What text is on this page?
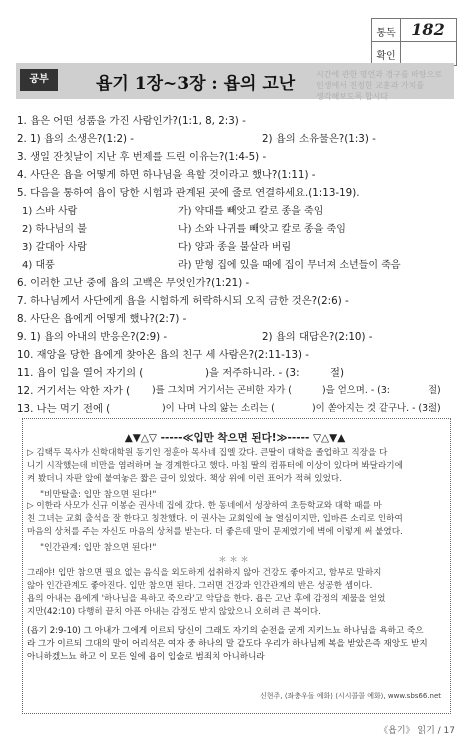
통독 182
확인
공부	욥기 1장~3장 : 욥의 고난	시간에 관한 명언과 경구를 바탕으로
인생에서 진정한 교훈과 가치를
생각해보도록 합시다
1. 욥은 어떤 성품을 가진 사람인가?(1:1, 8, 2:3) -
2. 1) 욥의 소생은?(1:2) -	2) 욥의 소유물은?(1:3) -
3. 생일 잔칫날이 지난 후 번제를 드린 이유는?(1:4-5) -
4. 사단은 욥을 어떻게 하면 하나님을 욕할 것이라고 했나?(1:11) -
5. 다음을 통하여 욥이 당한 시험과 관계된 곳에 줄로 연결하세요.(1:13-19).
1) 스바 사람	가) 약대를 빼앗고 칼로 종을 죽임
2) 하나님의 불	나) 소와 나귀를 빼앗고 칼로 종을 죽임
3) 갈대아 사람	다) 양과 종을 불살라 버림
4) 대풍	라) 맏형 집에 있을 때에 집이 무너져 소년들이 죽음
6. 이러한 고난 중에 욥의 고백은 무엇인가?(1:21) -
7. 하나님께서 사단에게 욥을 시험하게 허락하시되 오직 금한 것은?(2:6) -
8. 사단은 욥에게 어떻게 했나?(2:7) -
9. 1) 욥의 아내의 반응은?(2:9) -	2) 욥의 대답은?(2:10) -
10. 재앙을 당한 욥에게 찾아온 욥의 친구 세 사람은?(2:11-13) -
11. 욥이 입을 열어 자기의 (	)을 저주하니라. - (3:	절)
12. 거기서는 악한 자가 ( )를 그치며 거기서는 곤비한 자가 (	)을 얻으며. - (3:	절)
13. 나는 먹기 전에 (	)이 나며 나의 앓는 소리는 (	)이 쏟아지는 것 같구나. - (3:
절)
▲▼△▽ -----≪입만 착으면 된다!≫----- ▽△▼▲
▷ 김택두 목사가 신학대학원 동기인 정훈아 목사네 집엘 갔다. 큰딸이 대학을 졸업하고 직장을 다
니기 시작했는데 비만을 염려하며 늘 경계한다고 했다. 마침 딸의 컴퓨터에 이상이 있다며 봐달라기에
켜 봤더니 자판 앞에 붙여놓은 짧은 글이 있었다. 책상 위에 이런 표어가 적혀 있었다.
"비만탈출: 입만 참으면 된다!"
▷ 이한라 사모가 신규 이봉순 권사네 집에 갔다. 한 동네에서 성장하여 초등학교와 대학 때를 마
친 그녀는 교회 출석을 잘 한다고 칭찬했다. 이 권사는 교회일에 늘 열심이지만, 입바른 소리로 인하여
마음의 상처를 주는 자신도 마음의 상처를 받는다. 더 좋은데 말이 문제였기에 벽에 이렇게 써 붙였다.
"인간관계: 입만 참으면 된다!"
＊＊＊
그래야! 입만 참으면 필요 없는 음식을 외도하게 섭취하지 않아 건강도 좋아지고, 함부로 말하지
않아 인간관계도 좋아진다. 입만 참으면 된다. 그러면 건강과 인간관계의 반은 성공한 셈이다.
욥의 아내는 욥에게 '하나님을 욕하고 죽으라'고 악담을 한다. 욥은 고난 후에 감정의 제물을 얻었
지만(42:10) 다행히 끝치 아픈 아내는 감정도 받지 않았으니 오히려 큰 복이다.
(욥기 2:9-10) 그 아내가 그에게 이르되 당신이 그래도 자기의 순전을 굳게 지키느뇨 하나님을 욕하고 죽으
라 그가 이르되 그대의 말이 어리석은 여자 중 하나의 말 같도다 우리가 하나님께 복을 받았은즉 재앙도 받지
아니하겠느뇨 하고 이 모든 일에 욥이 입술로 범죄치 아니하니라
신현주, ⟨좌충우돌 예화⟩ ⟨시시콜콜 예화⟩, www.sbs66.net
《욥기》 읽기 / 17
